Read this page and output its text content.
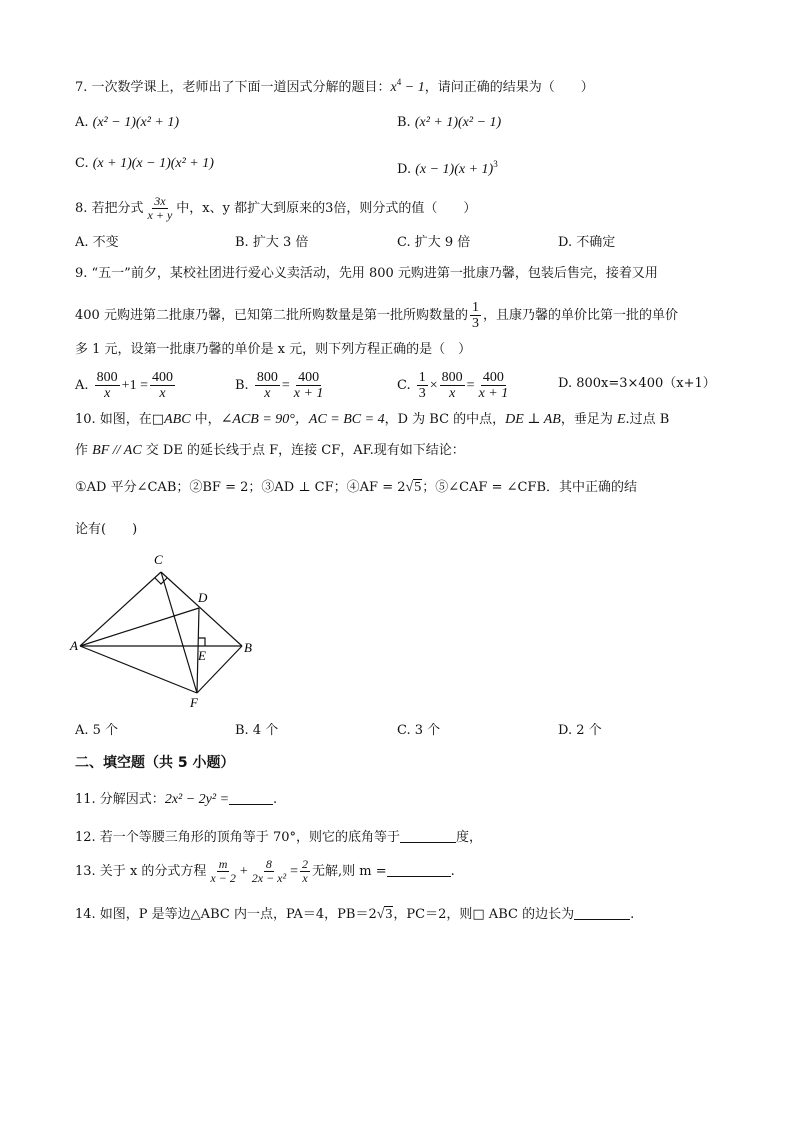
7. 一次数学课上，老师出了下面一道因式分解的题目：$x^4 - 1$，请问正确的结果为（　　）
A. (x² − 1)(x² + 1)	B. (x² + 1)(x² − 1)
C. (x + 1)(x − 1)(x² + 1)	D. $(x - 1)(x + 1)^3$
8. 若把分式 $\frac{3x}{x + y}$ 中，x、y 都扩大到原来的3倍，则分式的值（　　）
A. 不变	B. 扩大 3 倍	C. 扩大 9 倍	D. 不确定
9. “五一”前夕，某校社团进行爱心义卖活动，先用 800 元购进第一批康乃馨，包装后售完，接着又用
400 元购进第二批康乃馨，已知第二批所购数量是第一批所购数量的 $\frac{1}{3}$ ，且康乃馨的单价比第一批的单价
多 1 元，设第一批康乃馨的单价是 x 元，则下列方程正确的是（　）
A. $\frac{800}{x} +1 = \frac{400}{x}$	B. $\frac{800}{x} = \frac{400}{x + 1}$	C. $\frac{1}{3} \times \frac{800}{x} = \frac{400}{x + 1}$	D. 800x=3×400（x+1）
10. 如图，在□ABC 中，∠ACB = 90°，AC = BC = 4，D 为 BC 的中点，DE ⊥ AB，垂足为 E.过点 B
作 BF // AC 交 DE 的延长线于点 F，连接 CF，AF.现有如下结论：
①AD 平分∠CAB；②BF = 2；③AD ⊥ CF；④AF = 2√5；⑤∠CAF = ∠CFB．其中正确的结
论有(　　)
C
D
A
E
B
F
A. 5 个	B. 4 个	C. 3 个	D. 2 个
二、填空题（共 5 小题）
11. 分解因式：2x² − 2y² =	.
12. 若一个等腰三角形的顶角等于 70°，则它的底角等于	度，
13. 关于 x 的分式方程 $\frac{m}{x - 2} + \frac{8}{\text{2x − x²}} = \frac{2}{x}$ 无解,则 m =	.
14. 如图，P 是等边△ABC 内一点，PA＝4，PB＝2√3，PC＝2，则□ ABC 的边长为	.
